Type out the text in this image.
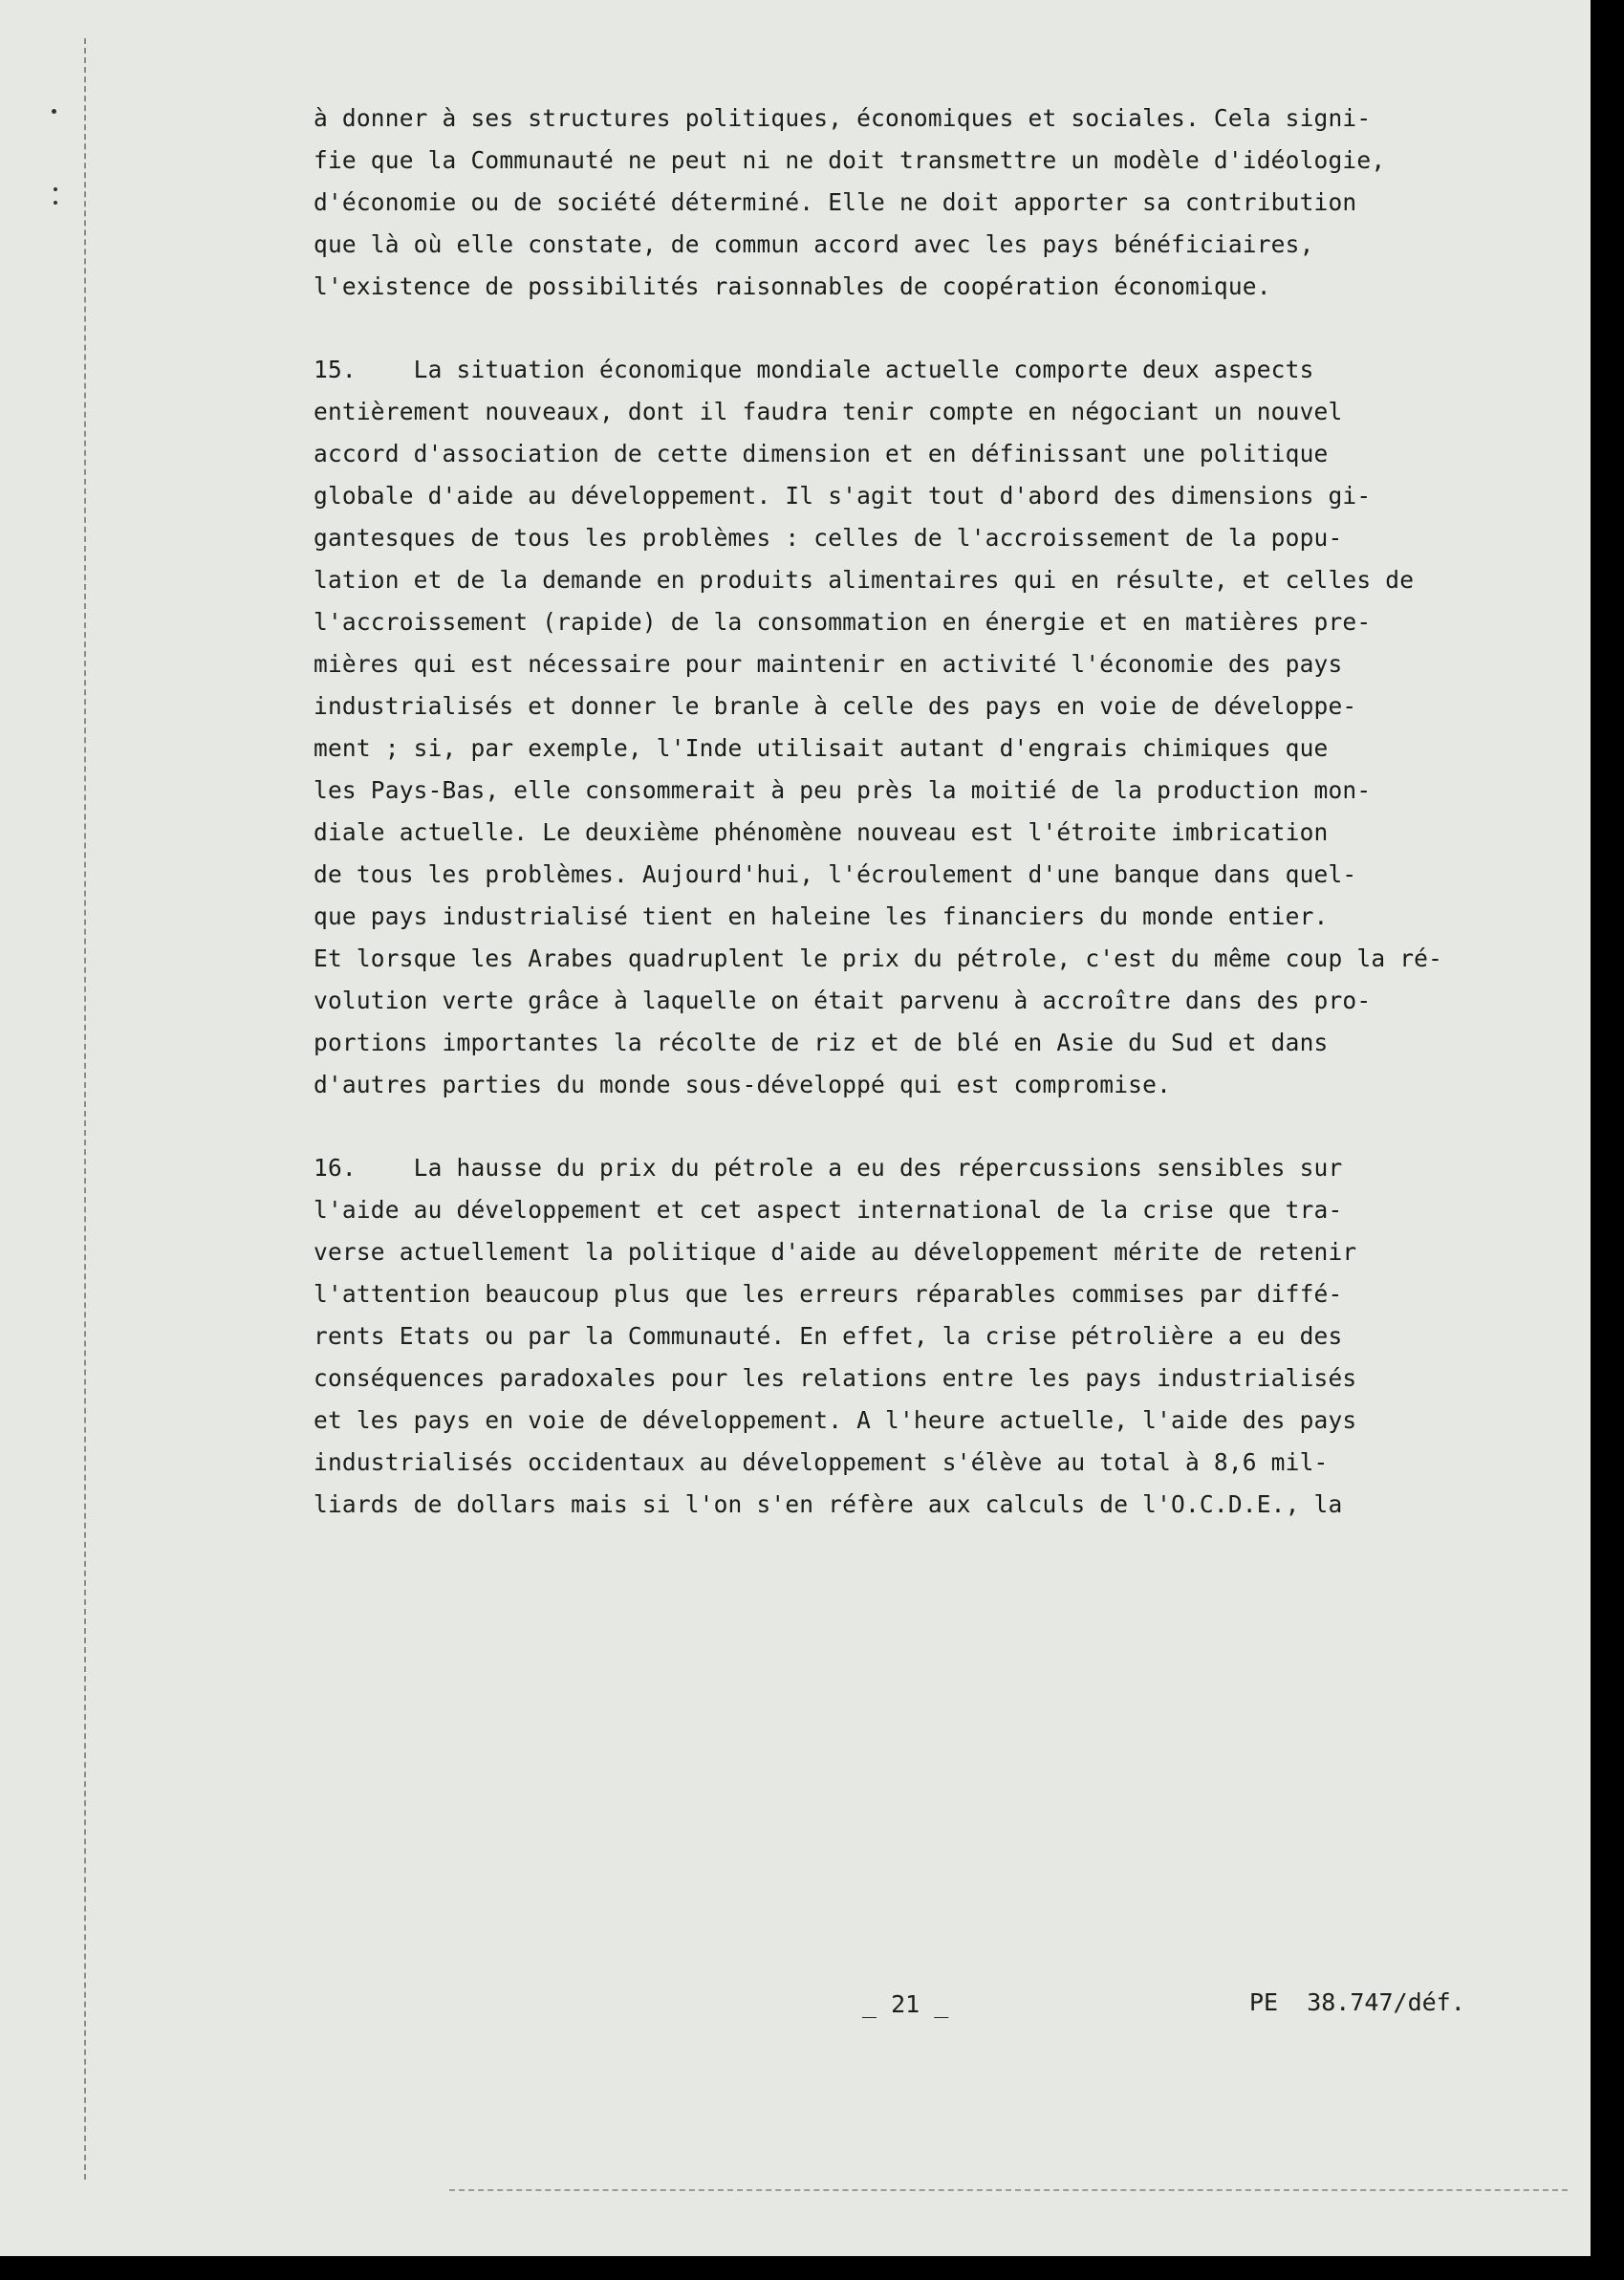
à donner à ses structures politiques, économiques et sociales. Cela signi-
fie que la Communauté ne peut ni ne doit transmettre un modèle d'idéologie,
d'économie ou de société déterminé. Elle ne doit apporter sa contribution
que là où elle constate, de commun accord avec les pays bénéficiaires,
l'existence de possibilités raisonnables de coopération économique.
15.    La situation économique mondiale actuelle comporte deux aspects
entièrement nouveaux, dont il faudra tenir compte en négociant un nouvel
accord d'association de cette dimension et en définissant une politique
globale d'aide au développement. Il s'agit tout d'abord des dimensions gi-
gantesques de tous les problèmes : celles de l'accroissement de la popu-
lation et de la demande en produits alimentaires qui en résulte, et celles de
l'accroissement (rapide) de la consommation en énergie et en matières pre-
mières qui est nécessaire pour maintenir en activité l'économie des pays
industrialisés et donner le branle à celle des pays en voie de développe-
ment ; si, par exemple, l'Inde utilisait autant d'engrais chimiques que
les Pays-Bas, elle consommerait à peu près la moitié de la production mon-
diale actuelle. Le deuxième phénomène nouveau est l'étroite imbrication
de tous les problèmes. Aujourd'hui, l'écroulement d'une banque dans quel-
que pays industrialisé tient en haleine les financiers du monde entier.
Et lorsque les Arabes quadruplent le prix du pétrole, c'est du même coup la ré-
volution verte grâce à laquelle on était parvenu à accroître dans des pro-
portions importantes la récolte de riz et de blé en Asie du Sud et dans
d'autres parties du monde sous-développé qui est compromise.
16.    La hausse du prix du pétrole a eu des répercussions sensibles sur
l'aide au développement et cet aspect international de la crise que tra-
verse actuellement la politique d'aide au développement mérite de retenir
l'attention beaucoup plus que les erreurs réparables commises par diffé-
rents Etats ou par la Communauté. En effet, la crise pétrolière a eu des
conséquences paradoxales pour les relations entre les pays industrialisés
et les pays en voie de développement. A l'heure actuelle, l'aide des pays
industrialisés occidentaux au développement s'élève au total à 8,6 mil-
liards de dollars mais si l'on s'en réfère aux calculs de l'O.C.D.E., la
_ 21 _	PE  38.747/déf.
